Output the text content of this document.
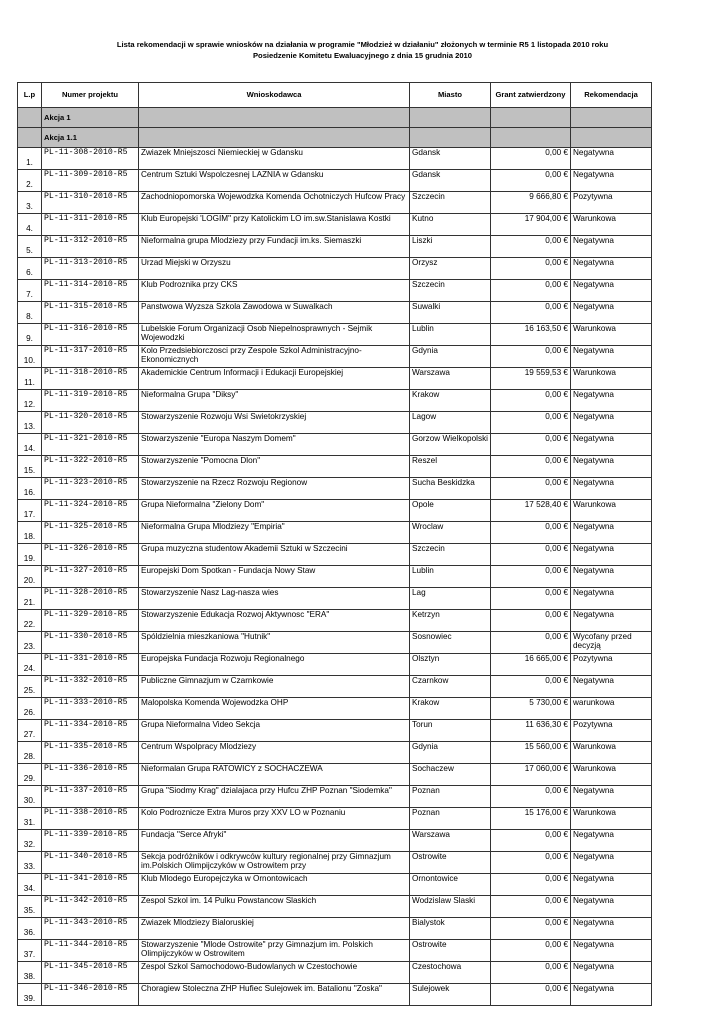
Lista rekomendacji w sprawie wniosków na działania w programie "Młodzież w działaniu" złożonych w terminie R5 1 listopada 2010 roku
Posiedzenie Komitetu Ewaluacyjnego z dnia 15 grudnia 2010
L.p	Numer projektu	Wnioskodawca	Miasto	Grant zatwierdzony	Rekomendacja
	Akcja 1				
	Akcja 1.1				
1.	PL-11-308-2010-R5	Zwiazek Mniejszosci Niemieckiej w Gdansku	Gdansk	0,00 €	Negatywna
2.	PL-11-309-2010-R5	Centrum Sztuki Wspolczesnej LAZNIA w Gdansku	Gdansk	0,00 €	Negatywna
3.	PL-11-310-2010-R5	Zachodniopomorska Wojewodzka Komenda Ochotniczych Hufcow Pracy	Szczecin	9 666,80 €	Pozytywna
4.	PL-11-311-2010-R5	Klub Europejski 'LOGIM" przy Katolickim LO im.sw.Stanislawa Kostki	Kutno	17 904,00 €	Warunkowa
5.	PL-11-312-2010-R5	Nieformalna grupa Mlodziezy przy Fundacji im.ks. Siemaszki	Liszki	0,00 €	Negatywna
6.	PL-11-313-2010-R5	Urzad Miejski w Orzyszu	Orzysz	0,00 €	Negatywna
7.	PL-11-314-2010-R5	Klub Podroznika przy CKS	Szczecin	0,00 €	Negatywna
8.	PL-11-315-2010-R5	Panstwowa Wyzsza Szkola Zawodowa w Suwalkach	Suwalki	0,00 €	Negatywna
9.	PL-11-316-2010-R5	Lubelskie Forum Organizacji Osob Niepelnosprawnych - Sejmik Wojewodzki	Lublin	16 163,50 €	Warunkowa
10.	PL-11-317-2010-R5	Kolo Przedsiebiorczosci przy Zespole Szkol Administracyjno-Ekonomicznych	Gdynia	0,00 €	Negatywna
11.	PL-11-318-2010-R5	Akademickie Centrum Informacji i Edukacji Europejskiej	Warszawa	19 559,53 €	Warunkowa
12.	PL-11-319-2010-R5	Nieformalna Grupa "Diksy"	Krakow	0,00 €	Negatywna
13.	PL-11-320-2010-R5	Stowarzyszenie Rozwoju Wsi Swietokrzyskiej	Lagow	0,00 €	Negatywna
14.	PL-11-321-2010-R5	Stowarzyszenie "Europa Naszym Domem"	Gorzow Wielkopolski	0,00 €	Negatywna
15.	PL-11-322-2010-R5	Stowarzyszenie "Pomocna Dlon"	Reszel	0,00 €	Negatywna
16.	PL-11-323-2010-R5	Stowarzyszenie na Rzecz Rozwoju Regionow	Sucha Beskidzka	0,00 €	Negatywna
17.	PL-11-324-2010-R5	Grupa Nieformalna "Zielony Dom"	Opole	17 528,40 €	Warunkowa
18.	PL-11-325-2010-R5	Nieformalna Grupa Mlodziezy "Empiria"	Wroclaw	0,00 €	Negatywna
19.	PL-11-326-2010-R5	Grupa muzyczna studentow Akademii Sztuki w Szczecini	Szczecin	0,00 €	Negatywna
20.	PL-11-327-2010-R5	Europejski Dom Spotkan - Fundacja Nowy Staw	Lublin	0,00 €	Negatywna
21.	PL-11-328-2010-R5	Stowarzyszenie Nasz Lag-nasza wies	Lag	0,00 €	Negatywna
22.	PL-11-329-2010-R5	Stowarzyszenie Edukacja Rozwoj Aktywnosc "ERA"	Ketrzyn	0,00 €	Negatywna
23.	PL-11-330-2010-R5	Spóldzielnia mieszkaniowa "Hutnik"	Sosnowiec	0,00 €	Wycofany przed decyzją
24.	PL-11-331-2010-R5	Europejska Fundacja Rozwoju Regionalnego	Olsztyn	16 665,00 €	Pozytywna
25.	PL-11-332-2010-R5	Publiczne Gimnazjum w Czarnkowie	Czarnkow	0,00 €	Negatywna
26.	PL-11-333-2010-R5	Malopolska Komenda Wojewodzka OHP	Krakow	5 730,00 €	warunkowa
27.	PL-11-334-2010-R5	Grupa Nieformalna Video Sekcja	Torun	11 636,30 €	Pozytywna
28.	PL-11-335-2010-R5	Centrum Wspolpracy Mlodziezy	Gdynia	15 560,00 €	Warunkowa
29.	PL-11-336-2010-R5	Nieformalan Grupa RATOWICY z SOCHACZEWA	Sochaczew	17 060,00 €	Warunkowa
30.	PL-11-337-2010-R5	Grupa "Siodmy Krag" dzialajaca przy Hufcu ZHP Poznan "Siodemka"	Poznan	0,00 €	Negatywna
31.	PL-11-338-2010-R5	Kolo Podroznicze Extra Muros przy XXV LO w Poznaniu	Poznan	15 176,00 €	Warunkowa
32.	PL-11-339-2010-R5	Fundacja "Serce Afryki"	Warszawa	0,00 €	Negatywna
33.	PL-11-340-2010-R5	Sekcja podróżników i odkrywców kultury regionalnej przy Gimnazjum im.Polskich Olimpijczyków w Ostrowitem przy	Ostrowite	0,00 €	Negatywna
34.	PL-11-341-2010-R5	Klub Mlodego Europejczyka w Ornontowicach	Ornontowice	0,00 €	Negatywna
35.	PL-11-342-2010-R5	Zespol Szkol im. 14 Pulku Powstancow Slaskich	Wodzislaw Slaski	0,00 €	Negatywna
36.	PL-11-343-2010-R5	Zwiazek Mlodziezy Bialoruskiej	Bialystok	0,00 €	Negatywna
37.	PL-11-344-2010-R5	Stowarzyszenie "Mlode Ostrowite" przy Gimnazjum im. Polskich Olimpijczyków w Ostrowitem	Ostrowite	0,00 €	Negatywna
38.	PL-11-345-2010-R5	Zespol Szkol Samochodowo-Budowlanych w Czestochowie	Czestochowa	0,00 €	Negatywna
39.	PL-11-346-2010-R5	Choragiew Stoleczna ZHP Hufiec Sulejowek im. Batalionu "Zoska"	Sulejowek	0,00 €	Negatywna
